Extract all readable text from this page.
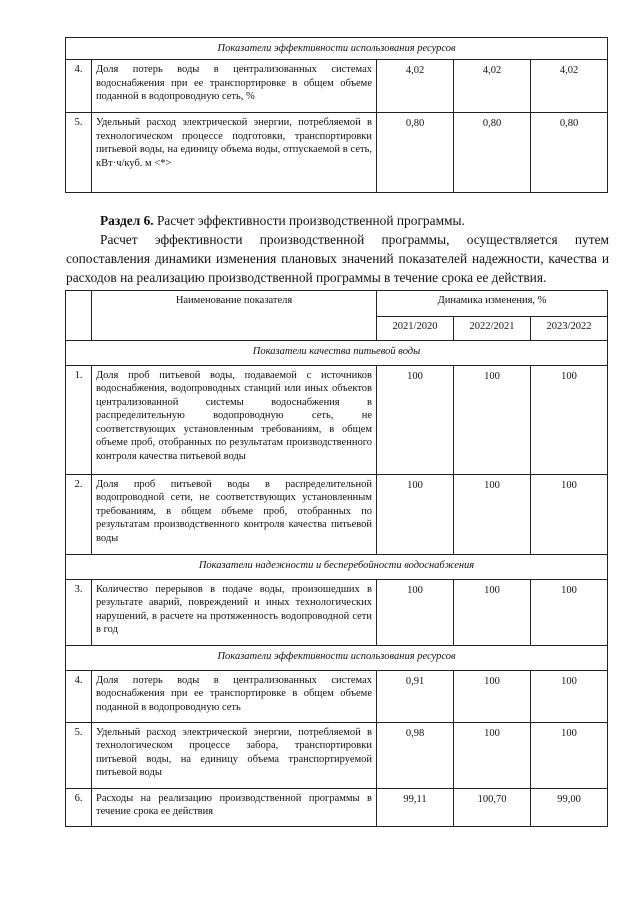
Показатели эффективности использования ресурсов				
4.	Доля потерь воды в централизованных системах водоснабжения при ее транспортировке в общем объеме поданной в водопроводную сеть, %	4,02	4,02	4,02
5.	Удельный расход электрической энергии, потребляемой в технологическом процессе подготовки, транспортировки питьевой воды, на единицу объема воды, отпускаемой в сеть, кВт·ч/куб. м <*>	0,80	0,80	0,80

Раздел 6. Расчет эффективности производственной программы.

Расчет эффективности производственной программы, осуществляется путем сопоставления динамики изменения плановых значений показателей надежности, качества и расходов на реализацию производственной программы в течение срока ее действия.

	Наименование показателя	Динамика изменения, %		
		2021/2020	2022/2021	2023/2022
Показатели качества питьевой воды				
1.	Доля проб питьевой воды, подаваемой с источников водоснабжения, водопроводных станций или иных объектов централизованной системы водоснабжения в распределительную водопроводную сеть, не соответствующих установленным требованиям, в общем объеме проб, отобранных по результатам производственного контроля качества питьевой воды	100	100	100
2.	Доля проб питьевой воды в распределительной водопроводной сети, не соответствующих установленным требованиям, в общем объеме проб, отобранных по результатам производственного контроля качества питьевой воды	100	100	100
Показатели надежности и бесперебойности водоснабжения				
3.	Количество перерывов в подаче воды, произошедших в результате аварий, повреждений и иных технологических нарушений, в расчете на протяженность водопроводной сети в год	100	100	100
Показатели эффективности использования ресурсов				
4.	Доля потерь воды в централизованных системах водоснабжения при ее транспортировке в общем объеме поданной в водопроводную сеть	0,91	100	100
5.	Удельный расход электрической энергии, потребляемой в технологическом процессе забора, транспортировки питьевой воды, на единицу объема транспортируемой питьевой воды	0,98	100	100
6.	Расходы на реализацию производственной программы в течение срока ее действия	99,11	100,70	99,00
